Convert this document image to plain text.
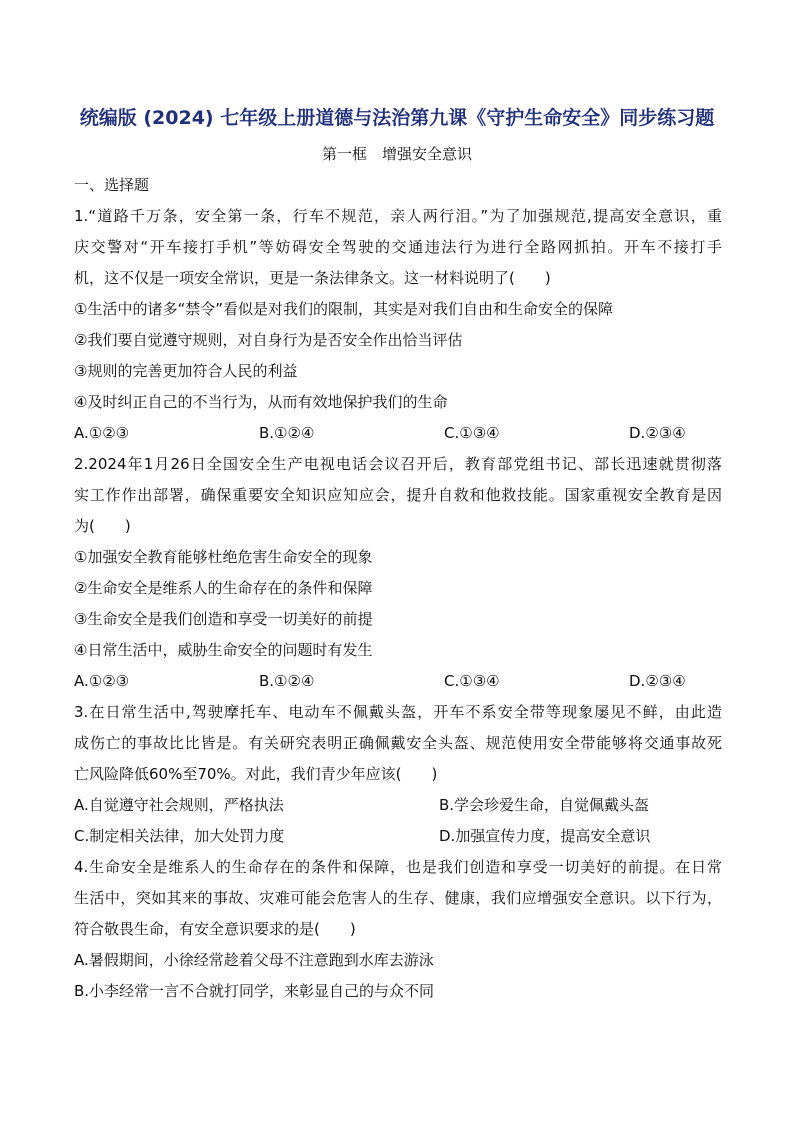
统编版 (2024) 七年级上册道德与法治第九课《守护生命安全》同步练习题
第一框　增强安全意识

一、选择题

1.“道路千万条，安全第一条，行车不规范，亲人两行泪。”为了加强规范,提高安全意识，重

庆交警对“开车接打手机”等妨碍安全驾驶的交通违法行为进行全路网抓拍。开车不接打手

机，这不仅是一项安全常识，更是一条法律条文。这一材料说明了(　　)

①生活中的诸多“禁令”看似是对我们的限制，其实是对我们自由和生命安全的保障

②我们要自觉遵守规则，对自身行为是否安全作出恰当评估

③规则的完善更加符合人民的利益

④及时纠正自己的不当行为，从而有效地保护我们的生命

A.①②③	B.①②④	C.①③④	D.②③④

2.2024年1月26日全国安全生产电视电话会议召开后，教育部党组书记、部长迅速就贯彻落

实工作作出部署，确保重要安全知识应知应会，提升自救和他救技能。国家重视安全教育是因

为(　　)

①加强安全教育能够杜绝危害生命安全的现象

②生命安全是维系人的生命存在的条件和保障

③生命安全是我们创造和享受一切美好的前提

④日常生活中，威胁生命安全的问题时有发生

A.①②③	B.①②④	C.①③④	D.②③④

3.在日常生活中,驾驶摩托车、电动车不佩戴头盔，开车不系安全带等现象屡见不鲜，由此造

成伤亡的事故比比皆是。有关研究表明正确佩戴安全头盔、规范使用安全带能够将交通事故死

亡风险降低60%至70%。对此，我们青少年应该(　　)

A.自觉遵守社会规则，严格执法	B.学会珍爱生命，自觉佩戴头盔
C.制定相关法律，加大处罚力度	D.加强宣传力度，提高安全意识

4.生命安全是维系人的生命存在的条件和保障，也是我们创造和享受一切美好的前提。在日常

生活中，突如其来的事故、灾难可能会危害人的生存、健康，我们应增强安全意识。以下行为，

符合敬畏生命，有安全意识要求的是(　　)

A.暑假期间，小徐经常趁着父母不注意跑到水库去游泳

B.小李经常一言不合就打同学，来彰显自己的与众不同
